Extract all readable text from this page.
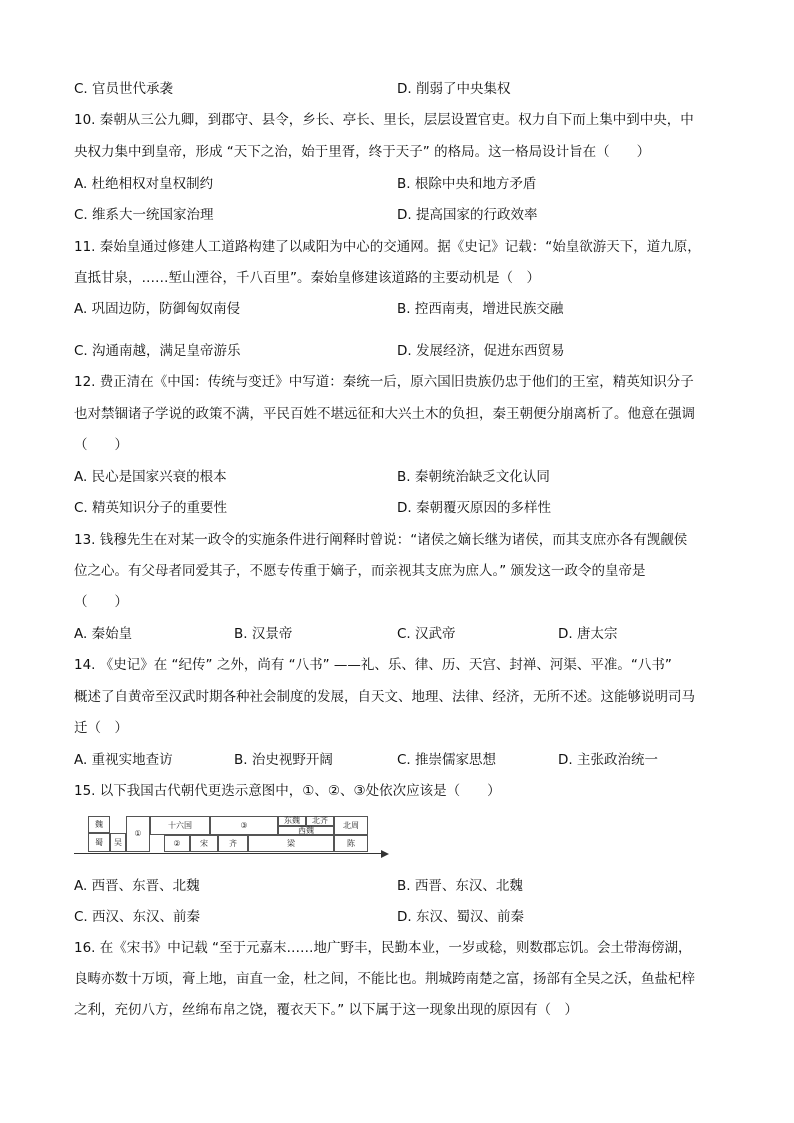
C. 官员世代承袭	D. 削弱了中央集权
10. 秦朝从三公九卿，到郡守、县令，乡长、亭长、里长，层层设置官吏。权力自下而上集中到中央，中
央权力集中到皇帝，形成 “天下之治，始于里胥，终于天子” 的格局。这一格局设计旨在（　　）
A. 杜绝相权对皇权制约	B. 根除中央和地方矛盾
C. 维系大一统国家治理	D. 提高国家的行政效率
11. 秦始皇通过修建人工道路构建了以咸阳为中心的交通网。据《史记》记载：“始皇欲游天下，道九原，
直抵甘泉，……堑山湮谷，千八百里”。秦始皇修建该道路的主要动机是（　）
A. 巩固边防，防御匈奴南侵	B. 控西南夷，增进民族交融
C. 沟通南越，满足皇帝游乐	D. 发展经济，促进东西贸易
12. 费正清在《中国：传统与变迁》中写道：秦统一后，原六国旧贵族仍忠于他们的王室，精英知识分子
也对禁锢诸子学说的政策不满，平民百姓不堪远征和大兴土木的负担，秦王朝便分崩离析了。他意在强调
（　　）
A. 民心是国家兴衰的根本	B. 秦朝统治缺乏文化认同
C. 精英知识分子的重要性	D. 秦朝覆灭原因的多样性
13. 钱穆先生在对某一政令的实施条件进行阐释时曾说：“诸侯之嫡长继为诸侯，而其支庶亦各有觊觎侯
位之心。有父母者同爱其子，不愿专传重于嫡子，而亲视其支庶为庶人。” 颁发这一政令的皇帝是
（　　）
A. 秦始皇	B. 汉景帝	C. 汉武帝	D. 唐太宗
14. 《史记》在 “纪传” 之外，尚有 “八书” ——礼、乐、律、历、天宫、封禅、河渠、平准。“八书”
概述了自黄帝至汉武时期各种社会制度的发展，自天文、地理、法律、经济，无所不述。这能够说明司马
迁（　）
A. 重视实地查访	B. 治史视野开阔	C. 推崇儒家思想	D. 主张政治统一
15. 以下我国古代朝代更迭示意图中，①、②、③处依次应该是（　　）
魏
蜀	吴
①
十六国	③	东魏	北齐
西魏
北周
②	宋	齐	梁	陈
A. 西晋、东晋、北魏	B. 西晋、东汉、北魏
C. 西汉、东汉、前秦	D. 东汉、蜀汉、前秦
16. 在《宋书》中记载 “至于元嘉末……地广野丰，民勤本业，一岁或稔，则数郡忘饥。会土带海傍湖，
良畴亦数十万顷，膏上地，亩直一金，杜之间，不能比也。荆城跨南楚之富，扬部有全吴之沃，鱼盐杞梓
之利，充仞八方，丝绵布帛之饶，覆衣天下。” 以下属于这一现象出现的原因有（　）
